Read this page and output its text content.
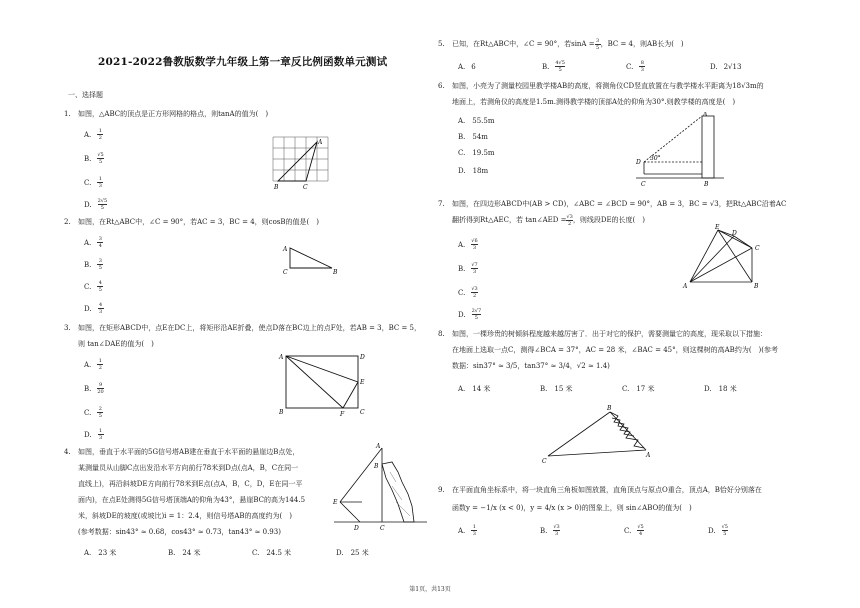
2021-2022鲁教版数学九年级上第一章反比例函数单元测试
一、选择题
1. 如图，△ABC的顶点是正方形网格的格点，则tanA的值为(　)
A. $\frac{1}{2}$
B. $\frac{√5}{5}$
C. $\frac{1}{3}$
D. $\frac{2√5}{5}$
A
B	C
2. 如图，在Rt△ABC中，∠C = 90°，若AC = 3，BC = 4，则cosB的值是(　)
A. $\frac{3}{4}$
B. $\frac{3}{5}$
C. $\frac{4}{5}$
D. $\frac{4}{3}$
A
C	B
3. 如图，在矩形ABCD中，点E在DC上，将矩形沿AE折叠，使点D落在BC边上的点F处，若AB = 3，BC = 5，
则 tan∠DAE的值为(　)
A. $\frac{1}{2}$
B. $\frac{9}{20}$
C. $\frac{2}{5}$
D. $\frac{1}{3}$
A	D
E
B	F	C
4. 如图，垂直于水平面的5G信号塔AB建在垂直于水平面的悬崖边B点处，
某测量员从山脚C点出发沿水平方向前行78米到D点(点A，B，C在同一
直线上)，再沿斜坡DE方向前行78米到E点(点A，B，C，D，E在同一平
面内)，在点E处测得5G信号塔顶端A的仰角为43°，悬崖BC的高为144.5
米，斜坡DE的坡度(或坡比)i = 1：2.4，则信号塔AB的高度约为(　)
(参考数据：sin43° ≈ 0.68，cos43° ≈ 0.73，tan43° ≈ 0.93)
A.　23 米	B.　24 米	C.　24.5 米	D.　25 米
A
B
E
D	C
5.	已知，在Rt△ABC中，∠C = 90°，若$\sin A = \frac{3}{5}$ ，BC = 4，则AB长为(　)
A. 6	B. $\frac{4√5}{5}$	C. $\frac{8}{3}$	D. 2√13
6. 如图，小亮为了测量校园里教学楼AB的高度，将测角仪CD竖直放置在与教学楼水平距离为18√3m的
地面上，若测角仪的高度是1.5m.测得教学楼的顶部A处的仰角为30°.则教学楼的高度是(　)
A.　55.5m
B.　54m
C.　19.5m
D.　18m
A
D
30°
C	B
7. 如图，在四边形ABCD中(AB > CD)，∠ABC = ∠BCD = 90°，AB = 3，BC = √3，把Rt△ABC沿着AC
翻折得到Rt△AEC，若 tan∠AED = $\frac{√3}{2}$ ，则线段DE的长度(　)
A. $\frac{√6}{3}$
B. $\frac{√7}{3}$
C. $\frac{√3}{2}$
D. $\frac{2√7}{5}$
E
D
C
A	B
8. 如图，一棵珍贵的树倾斜程度越来越厉害了．出于对它的保护，需要测量它的高度，现采取以下措施：
在地面上选取一点C，测得∠BCA = 37°，AC = 28 米，∠BAC = 45°，则这棵树的高AB约为(　)(参考
数据：sin37° ≈ 3/5，tan37° ≈ 3/4，√2 ≈ 1.4)
A.　14 米	B.　15 米	C.　17 米	D.　18 米
B
C
A
9. 在平面直角坐标系中，将一块直角三角板如图放置，直角顶点与原点O重合，顶点A，B恰好分别落在
函数y = −1/x (x < 0)，y = 4/x (x > 0)的图象上，则 sin∠ABO的值为(　)
A. $\frac{1}{3}$	B. $\frac{√3}{3}$	C. $\frac{√5}{4}$	D. $\frac{√5}{5}$
第1页，共13页
